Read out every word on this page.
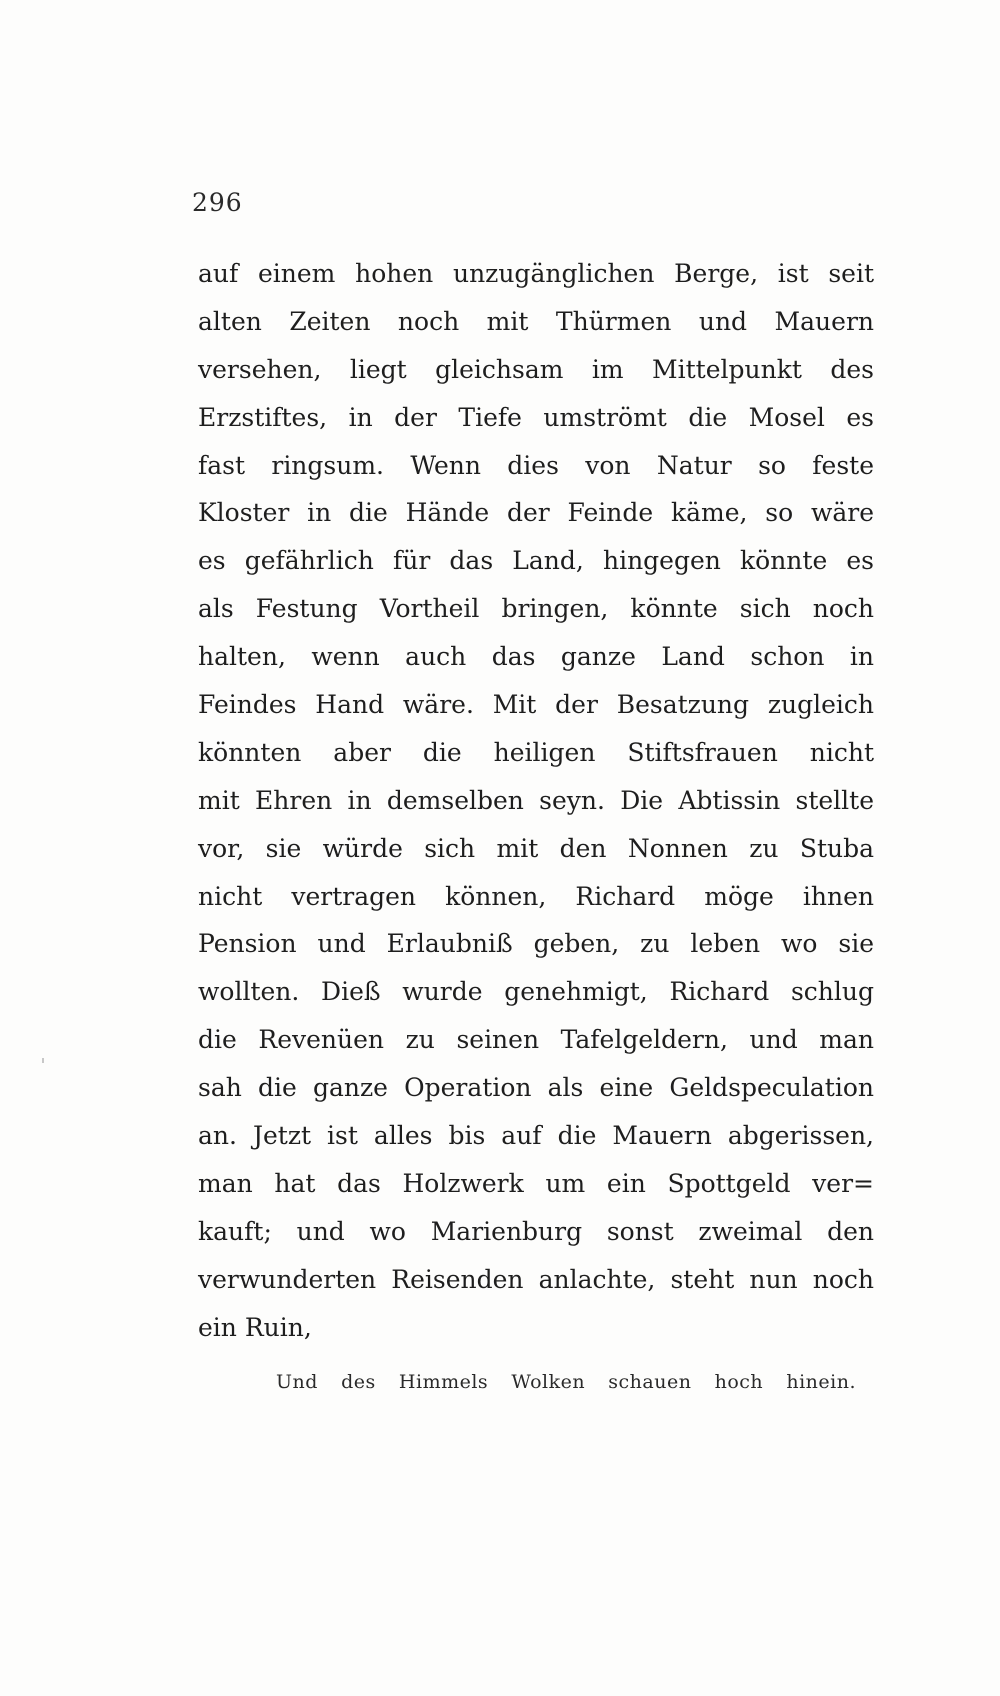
296
auf einem hohen unzugänglichen Berge, ist seit
alten Zeiten noch mit Thürmen und Mauern
versehen, liegt gleichsam im Mittelpunkt des
Erzstiftes, in der Tiefe umströmt die Mosel es
fast ringsum. Wenn dies von Natur so feste
Kloster in die Hände der Feinde käme, so wäre
es gefährlich für das Land, hingegen könnte es
als Festung Vortheil bringen, könnte sich noch
halten, wenn auch das ganze Land schon in
Feindes Hand wäre. Mit der Besatzung zugleich
könnten aber die heiligen Stiftsfrauen nicht
mit Ehren in demselben seyn. Die Abtissin stellte
vor, sie würde sich mit den Nonnen zu Stuba
nicht vertragen können, Richard möge ihnen
Pension und Erlaubniß geben, zu leben wo sie
wollten. Dieß wurde genehmigt, Richard schlug
die Revenüen zu seinen Tafelgeldern, und man
sah die ganze Operation als eine Geldspeculation
an. Jetzt ist alles bis auf die Mauern abgerissen,
man hat das Holzwerk um ein Spottgeld ver=
kauft; und wo Marienburg sonst zweimal den
verwunderten Reisenden anlachte, steht nun noch
ein Ruin,
Und des Himmels Wolken schauen hoch hinein.
